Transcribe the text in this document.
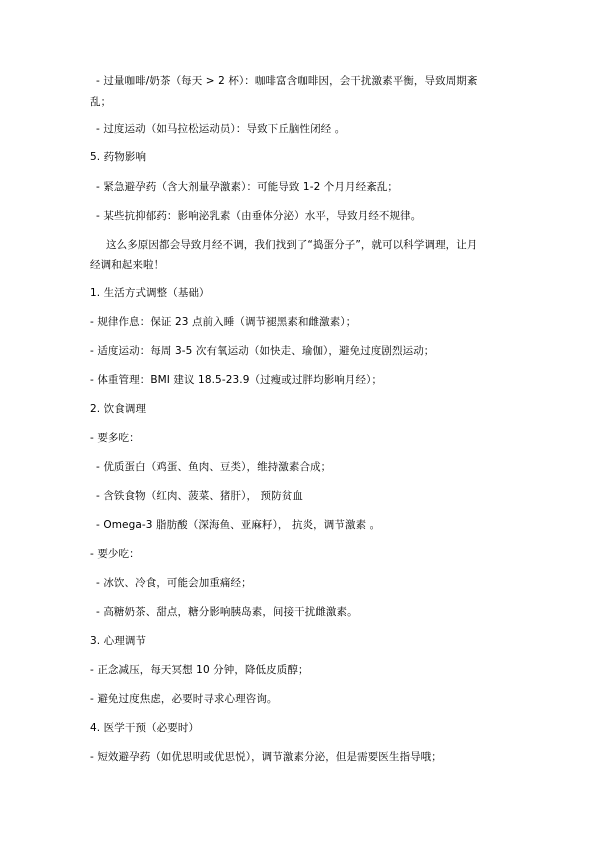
- 过量咖啡/奶茶（每天 > 2 杯）：咖啡富含咖啡因，会干扰激素平衡，导致周期紊
乱；
- 过度运动（如马拉松运动员）：导致下丘脑性闭经 。
5. 药物影响
- 紧急避孕药（含大剂量孕激素）：可能导致 1-2 个月月经紊乱；
- 某些抗抑郁药：影响泌乳素（由垂体分泌）水平，导致月经不规律。
这么多原因都会导致月经不调，我们找到了“捣蛋分子”，就可以科学调理，让月
经调和起来啦！
1. 生活方式调整（基础）
- 规律作息：保证 23 点前入睡（调节褪黑素和雌激素）；
- 适度运动：每周 3-5 次有氧运动（如快走、瑜伽），避免过度剧烈运动；
- 体重管理：BMI 建议 18.5-23.9（过瘦或过胖均影响月经）；
2. 饮食调理
- 要多吃：
- 优质蛋白（鸡蛋、鱼肉、豆类），维持激素合成；
- 含铁食物（红肉、菠菜、猪肝）， 预防贫血
- Omega-3 脂肪酸（深海鱼、亚麻籽）， 抗炎，调节激素 。
- 要少吃：
- 冰饮、冷食，可能会加重痛经；
- 高糖奶茶、甜点，糖分影响胰岛素，间接干扰雌激素。
3. 心理调节
- 正念减压，每天冥想 10 分钟，降低皮质醇；
- 避免过度焦虑，必要时寻求心理咨询。
4. 医学干预（必要时）
- 短效避孕药（如优思明或优思悦），调节激素分泌，但是需要医生指导哦；
